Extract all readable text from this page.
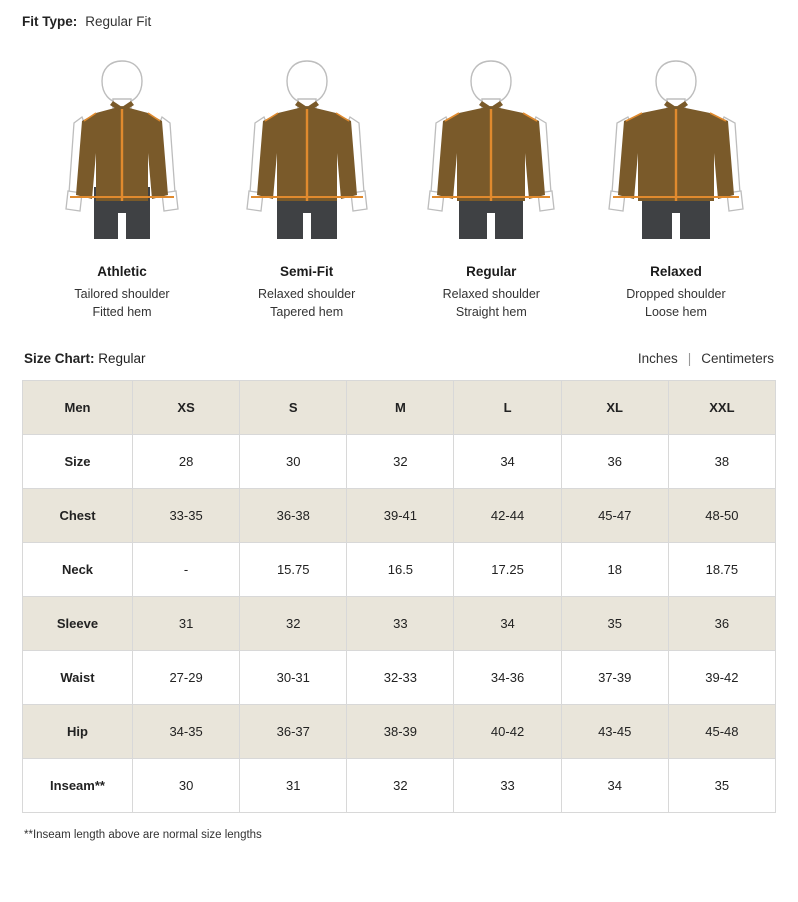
Fit Type: Regular Fit
Athletic
Tailored shoulder
Fitted hem
Semi-Fit
Relaxed shoulder
Tapered hem
Regular
Relaxed shoulder
Straight hem
Relaxed
Dropped shoulder
Loose hem
Size Chart: Regular	Inches | Centimeters
Men	XS	S	M	L	XL	XXL
Size	28	30	32	34	36	38
Chest	33-35	36-38	39-41	42-44	45-47	48-50
Neck	-	15.75	16.5	17.25	18	18.75
Sleeve	31	32	33	34	35	36
Waist	27-29	30-31	32-33	34-36	37-39	39-42
Hip	34-35	36-37	38-39	40-42	43-45	45-48
Inseam**	30	31	32	33	34	35
**Inseam length above are normal size lengths
